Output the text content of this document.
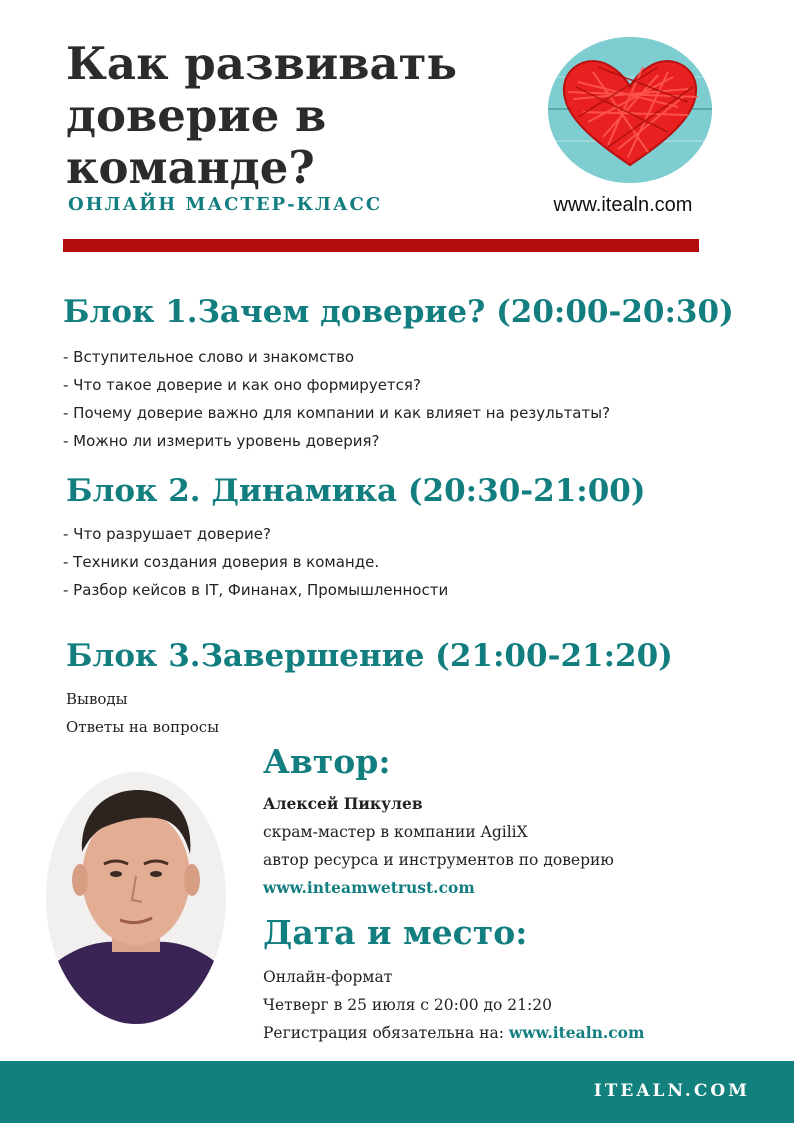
Как развивать доверие в команде?
ОНЛАЙН МАСТЕР-КЛАСС	www.itealn.com
Блок 1.Зачем доверие? (20:00-20:30)
- Вступительное слово и знакомство
- Что такое доверие и как оно формируется?
- Почему доверие важно для компании и как влияет на результаты?
- Можно ли измерить уровень доверия?
Блок 2. Динамика (20:30-21:00)
- Что разрушает доверие?
- Техники создания доверия в команде.
- Разбор кейсов в IT, Финанах, Промышленности
Блок 3.Завершение (21:00-21:20)
Выводы
Ответы на вопросы
Автор:
Алексей Пикулев
скрам-мастер в компании AgiliX
автор ресурса и инструментов по доверию
www.inteamwetrust.com
Дата и место:
Онлайн-формат
Четверг в 25 июля с 20:00 до 21:20
Регистрация обязательна на: www.itealn.com
ITEALN.COM
